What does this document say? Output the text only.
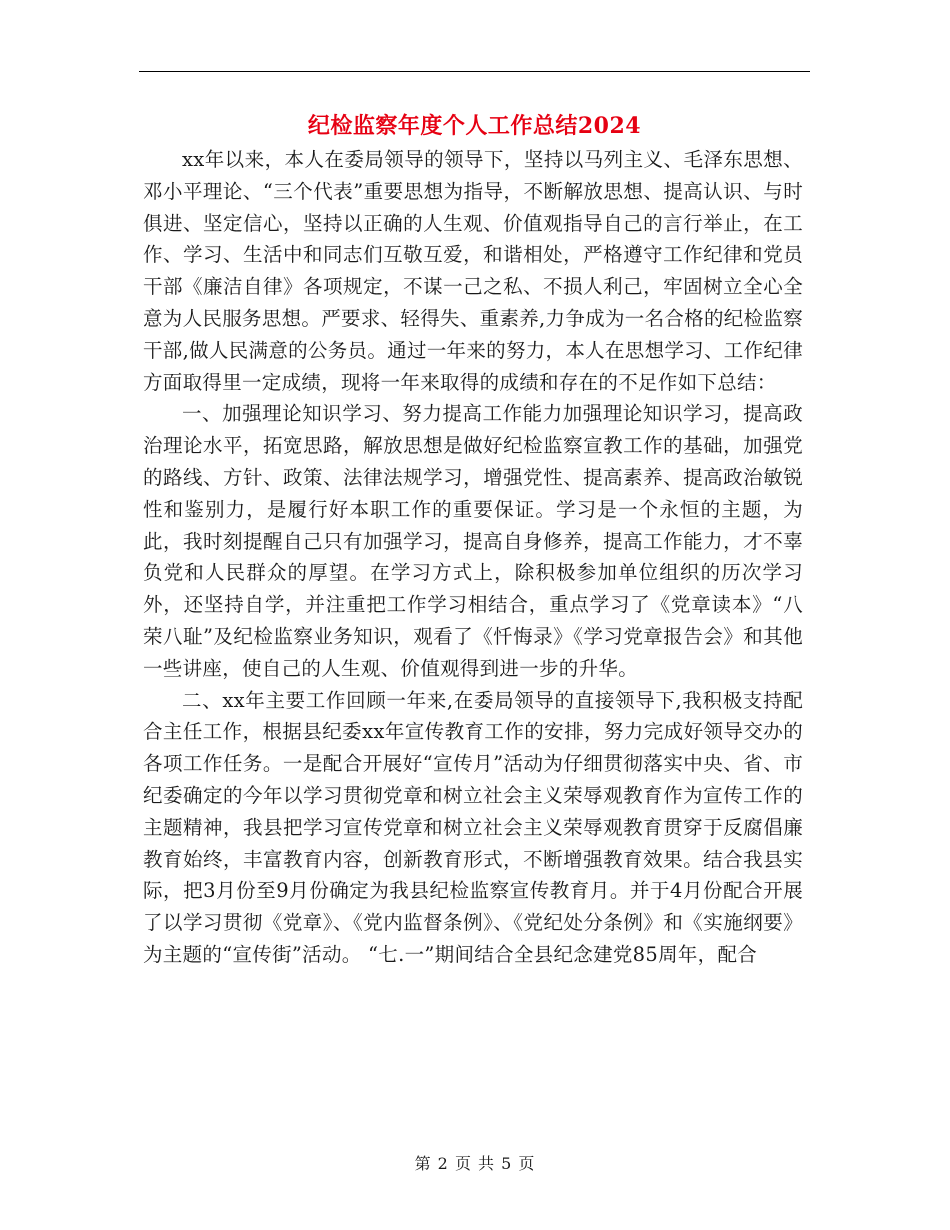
纪检监察年度个人工作总结2024

xx年以来，本人在委局领导的领导下，坚持以马列主义、毛泽东思想、邓小平理论、“三个代表”重要思想为指导，不断解放思想、提高认识、与时俱进、坚定信心，坚持以正确的人生观、价值观指导自己的言行举止，在工作、学习、生活中和同志们互敬互爱，和谐相处，严格遵守工作纪律和党员干部《廉洁自律》各项规定，不谋一己之私、不损人利己，牢固树立全心全意为人民服务思想。严要求、轻得失、重素养,力争成为一名合格的纪检监察干部,做人民满意的公务员。通过一年来的努力，本人在思想学习、工作纪律方面取得里一定成绩，现将一年来取得的成绩和存在的不足作如下总结：

一、加强理论知识学习、努力提高工作能力加强理论知识学习，提高政治理论水平，拓宽思路，解放思想是做好纪检监察宣教工作的基础，加强党的路线、方针、政策、法律法规学习，增强党性、提高素养、提高政治敏锐性和鉴别力，是履行好本职工作的重要保证。学习是一个永恒的主题，为此，我时刻提醒自己只有加强学习，提高自身修养，提高工作能力，才不辜负党和人民群众的厚望。在学习方式上，除积极参加单位组织的历次学习外，还坚持自学，并注重把工作学习相结合，重点学习了《党章读本》“八荣八耻”及纪检监察业务知识，观看了《忏悔录》《学习党章报告会》和其他一些讲座，使自己的人生观、价值观得到进一步的升华。

二、xx年主要工作回顾一年来,在委局领导的直接领导下,我积极支持配合主任工作，根据县纪委xx年宣传教育工作的安排，努力完成好领导交办的各项工作任务。一是配合开展好“宣传月”活动为仔细贯彻落实中央、省、市纪委确定的今年以学习贯彻党章和树立社会主义荣辱观教育作为宣传工作的主题精神，我县把学习宣传党章和树立社会主义荣辱观教育贯穿于反腐倡廉教育始终，丰富教育内容，创新教育形式，不断增强教育效果。结合我县实际，把3月份至9月份确定为我县纪检监察宣传教育月。并于4月份配合开展了以学习贯彻《党章》、《党内监督条例》、《党纪处分条例》和《实施纲要》为主题的“宣传街”活动。 “七.一”期间结合全县纪念建党85周年，配合

第 2 页 共 5 页
